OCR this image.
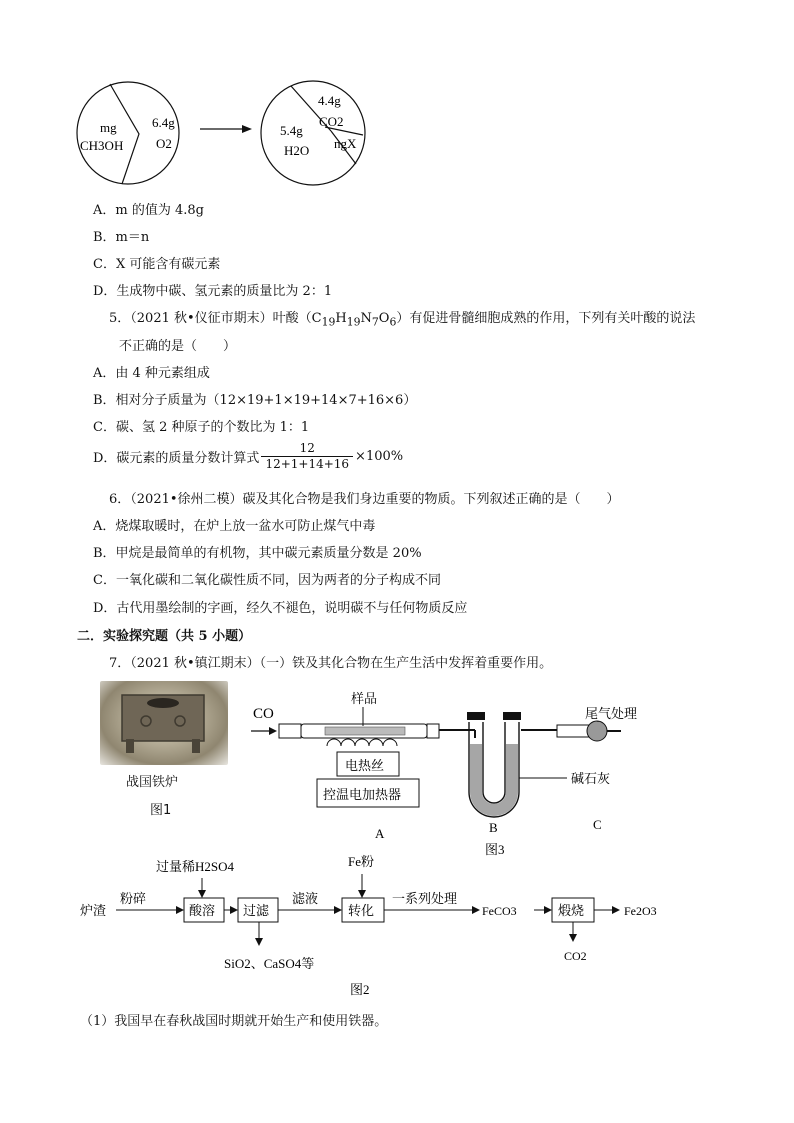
mg
CH3OH
6.4g
O2
4.4g
CO2
5.4g
H2O ngX
A．m 的值为 4.8g
B．m＝n
C．X 可能含有碳元素
D．生成物中碳、氢元素的质量比为 2：1
5．（2021 秋•仪征市期末）叶酸$(C_{19}H_{19}N_7O_6)$有促进骨髓细胞成熟的作用，下列有关叶酸的说法
不正确的是（　　）
A．由 4 种元素组成
B．相对分子质量为（12×19+1×19+14×7+16×6）
C．碳、氢 2 种原子的个数比为 1：1
D．碳元素的质量分数计算式 $\frac{12}{12+1+14+16} \times 100\%$
6．（2021•徐州二模）碳及其化合物是我们身边重要的物质。下列叙述正确的是（　　）
A．烧煤取暖时，在炉上放一盆水可防止煤气中毒
B．甲烷是最简单的有机物，其中碳元素质量分数是 20%
C．一氧化碳和二氧化碳性质不同，因为两者的分子构成不同
D．古代用墨绘制的字画，经久不褪色，说明碳不与任何物质反应
二．实验探究题（共 5 小题）
7．（2021 秋•镇江期末）（一）铁及其化合物在生产生活中发挥着重要作用。
战国铁炉
图1
CO
样品
电热丝
控温电加热器
碱石灰
尾气处理
A	B	C
图3
炉渣
粉碎
过量稀H2SO4
酸溶 过滤
SiO2、CaSO4等
滤液
Fe粉
转化
一系列处理
FeCO3	煅烧
CO2
Fe2O3
图2
（1）我国早在春秋战国时期就开始生产和使用铁器。
